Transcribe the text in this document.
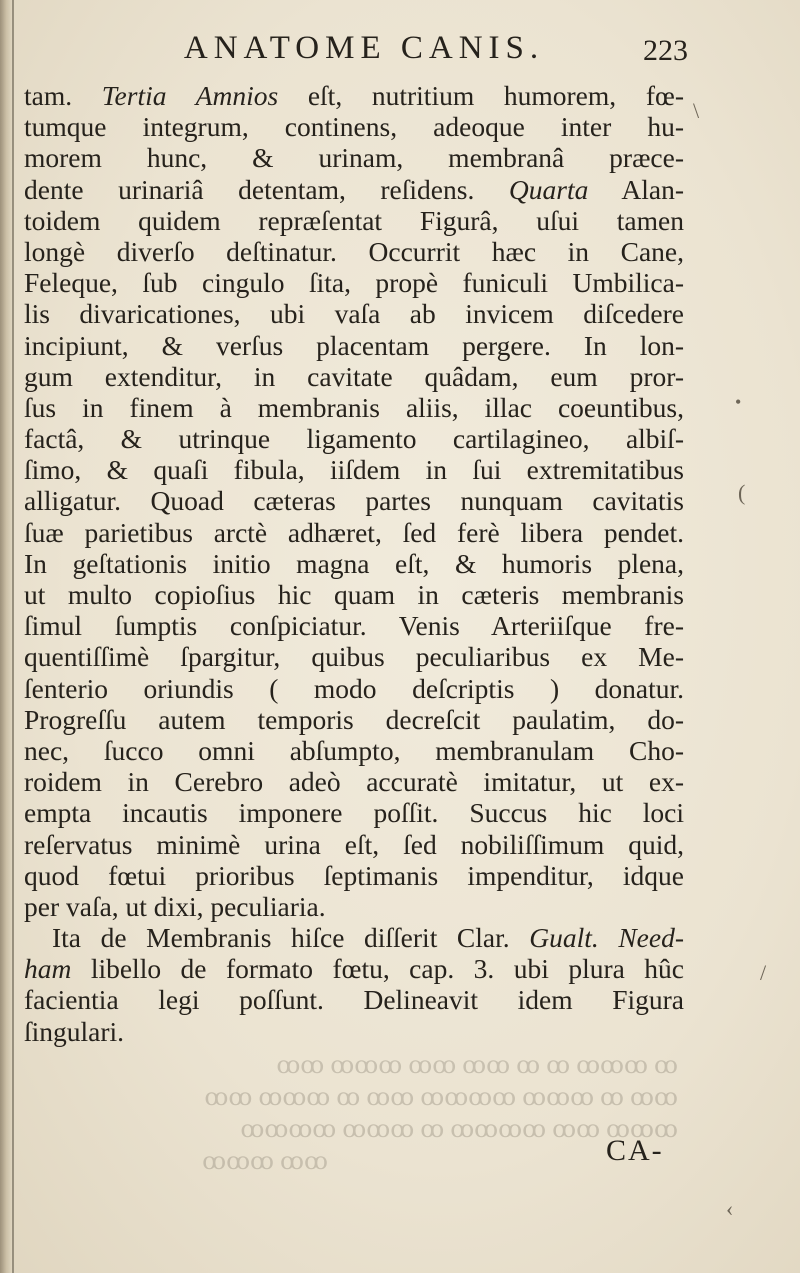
ANATOME CANIS.	223
tam. Tertia Amnios eſt, nutritium humorem, fœ-
tumque integrum, continens, adeoque inter hu-
morem hunc, & urinam, membranâ præce-
dente urinariâ detentam, reſidens. Quarta Alan-
toidem quidem repræſentat Figurâ, uſui tamen
longè diverſo deſtinatur. Occurrit hæc in Cane,
Feleque, ſub cingulo ſita, propè funiculi Umbilica-
lis divaricationes, ubi vaſa ab invicem diſcedere
incipiunt, & verſus placentam pergere. In lon-
gum extenditur, in cavitate quâdam, eum pror-
ſus in finem à membranis aliis, illac coeuntibus,
factâ, & utrinque ligamento cartilagineo, albiſ-
ſimo, & quaſi fibula, iiſdem in ſui extremitatibus
alligatur. Quoad cæteras partes nunquam cavitatis
ſuæ parietibus arctè adhæret, ſed ferè libera pendet.
In geſtationis initio magna eſt, & humoris plena,
ut multo copioſius hic quam in cæteris membranis
ſimul ſumptis conſpiciatur. Venis Arteriiſque fre-
quentiſſimè ſpargitur, quibus peculiaribus ex Me-
ſenterio oriundis ( modo deſcriptis ) donatur.
Progreſſu autem temporis decreſcit paulatim, do-
nec, ſucco omni abſumpto, membranulam Cho-
roidem in Cerebro adeò accuratè imitatur, ut ex-
empta incautis imponere poſſit. Succus hic loci
reſervatus minimè urina eſt, ſed nobiliſſimum quid,
quod fœtui prioribus ſeptimanis impenditur, idque
per vaſa, ut dixi, peculiaria.
Ita de Membranis hiſce diſſerit Clar. Gualt. Need-
ham libello de formato fœtu, cap. 3. ubi plura hûc
facientia legi poſſunt. Delineavit idem Figura
ſingulari.
ꝏ ꝏꝏꝏ ꝏ ꝏ ꝏꝏ ꝏꝏ ꝏꝏꝏ ꝏꝏ
ꝏꝏ ꝏ ꝏꝏꝏ ꝏꝏꝏꝏ ꝏꝏ ꝏ ꝏꝏꝏ ꝏꝏ
ꝏꝏꝏ ꝏꝏ ꝏꝏꝏꝏ ꝏ ꝏꝏꝏ ꝏꝏꝏꝏ
ꝏꝏ ꝏꝏꝏ	CA-
•
\
(
/
‹
